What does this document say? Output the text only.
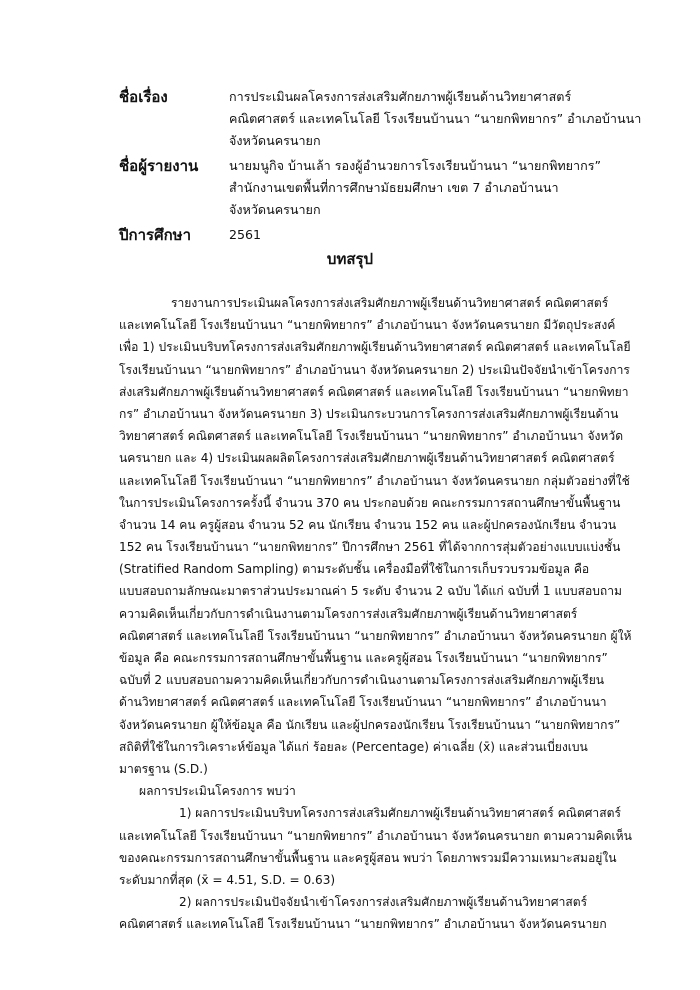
ชื่อเรื่อง	การประเมินผลโครงการส่งเสริมศักยภาพผู้เรียนด้านวิทยาศาสตร์
คณิตศาสตร์ และเทคโนโลยี โรงเรียนบ้านนา “นายกพิทยากร” อำเภอบ้านนา
จังหวัดนครนายก
ชื่อผู้รายงาน	นายมนูกิจ บ้านเล้า รองผู้อำนวยการโรงเรียนบ้านนา “นายกพิทยากร”
สำนักงานเขตพื้นที่การศึกษามัธยมศึกษา เขต 7 อำเภอบ้านนา
จังหวัดนครนายก
ปีการศึกษา	2561
บทสรุป
รายงานการประเมินผลโครงการส่งเสริมศักยภาพผู้เรียนด้านวิทยาศาสตร์ คณิตศาสตร์
และเทคโนโลยี โรงเรียนบ้านนา “นายกพิทยากร” อำเภอบ้านนา จังหวัดนครนายก มีวัตถุประสงค์
เพื่อ 1) ประเมินบริบทโครงการส่งเสริมศักยภาพผู้เรียนด้านวิทยาศาสตร์ คณิตศาสตร์ และเทคโนโลยี
โรงเรียนบ้านนา “นายกพิทยากร” อำเภอบ้านนา จังหวัดนครนายก 2) ประเมินปัจจัยนำเข้าโครงการ
ส่งเสริมศักยภาพผู้เรียนด้านวิทยาศาสตร์ คณิตศาสตร์ และเทคโนโลยี โรงเรียนบ้านนา “นายกพิทยา
กร” อำเภอบ้านนา จังหวัดนครนายก 3) ประเมินกระบวนการโครงการส่งเสริมศักยภาพผู้เรียนด้าน
วิทยาศาสตร์ คณิตศาสตร์ และเทคโนโลยี โรงเรียนบ้านนา “นายกพิทยากร” อำเภอบ้านนา จังหวัด
นครนายก และ 4) ประเมินผลผลิตโครงการส่งเสริมศักยภาพผู้เรียนด้านวิทยาศาสตร์ คณิตศาสตร์
และเทคโนโลยี โรงเรียนบ้านนา “นายกพิทยากร” อำเภอบ้านนา จังหวัดนครนายก กลุ่มตัวอย่างที่ใช้
ในการประเมินโครงการครั้งนี้ จำนวน 370 คน ประกอบด้วย คณะกรรมการสถานศึกษาขั้นพื้นฐาน
จำนวน 14 คน ครูผู้สอน จำนวน 52 คน นักเรียน จำนวน 152 คน และผู้ปกครองนักเรียน จำนวน
152 คน โรงเรียนบ้านนา “นายกพิทยากร” ปีการศึกษา 2561 ที่ได้จากการสุ่มตัวอย่างแบบแบ่งชั้น
(Stratified Random Sampling) ตามระดับชั้น เครื่องมือที่ใช้ในการเก็บรวบรวมข้อมูล คือ
แบบสอบถามลักษณะมาตราส่วนประมาณค่า 5 ระดับ จำนวน 2 ฉบับ ได้แก่ ฉบับที่ 1 แบบสอบถาม
ความคิดเห็นเกี่ยวกับการดำเนินงานตามโครงการส่งเสริมศักยภาพผู้เรียนด้านวิทยาศาสตร์
คณิตศาสตร์ และเทคโนโลยี โรงเรียนบ้านนา “นายกพิทยากร” อำเภอบ้านนา จังหวัดนครนายก ผู้ให้
ข้อมูล คือ คณะกรรมการสถานศึกษาขั้นพื้นฐาน และครูผู้สอน โรงเรียนบ้านนา “นายกพิทยากร”
ฉบับที่ 2 แบบสอบถามความคิดเห็นเกี่ยวกับการดำเนินงานตามโครงการส่งเสริมศักยภาพผู้เรียน
ด้านวิทยาศาสตร์ คณิตศาสตร์ และเทคโนโลยี โรงเรียนบ้านนา “นายกพิทยากร” อำเภอบ้านนา
จังหวัดนครนายก ผู้ให้ข้อมูล คือ นักเรียน และผู้ปกครองนักเรียน โรงเรียนบ้านนา “นายกพิทยากร”
สถิติที่ใช้ในการวิเคราะห์ข้อมูล ได้แก่ ร้อยละ (Percentage) ค่าเฉลี่ย (x̄) และส่วนเบี่ยงเบน
มาตรฐาน (S.D.)
ผลการประเมินโครงการ พบว่า
1) ผลการประเมินบริบทโครงการส่งเสริมศักยภาพผู้เรียนด้านวิทยาศาสตร์ คณิตศาสตร์
และเทคโนโลยี โรงเรียนบ้านนา “นายกพิทยากร” อำเภอบ้านนา จังหวัดนครนายก ตามความคิดเห็น
ของคณะกรรมการสถานศึกษาขั้นพื้นฐาน และครูผู้สอน พบว่า โดยภาพรวมมีความเหมาะสมอยู่ใน
ระดับมากที่สุด (x̄ = 4.51, S.D. = 0.63)
2) ผลการประเมินปัจจัยนำเข้าโครงการส่งเสริมศักยภาพผู้เรียนด้านวิทยาศาสตร์
คณิตศาสตร์ และเทคโนโลยี โรงเรียนบ้านนา “นายกพิทยากร” อำเภอบ้านนา จังหวัดนครนายก
